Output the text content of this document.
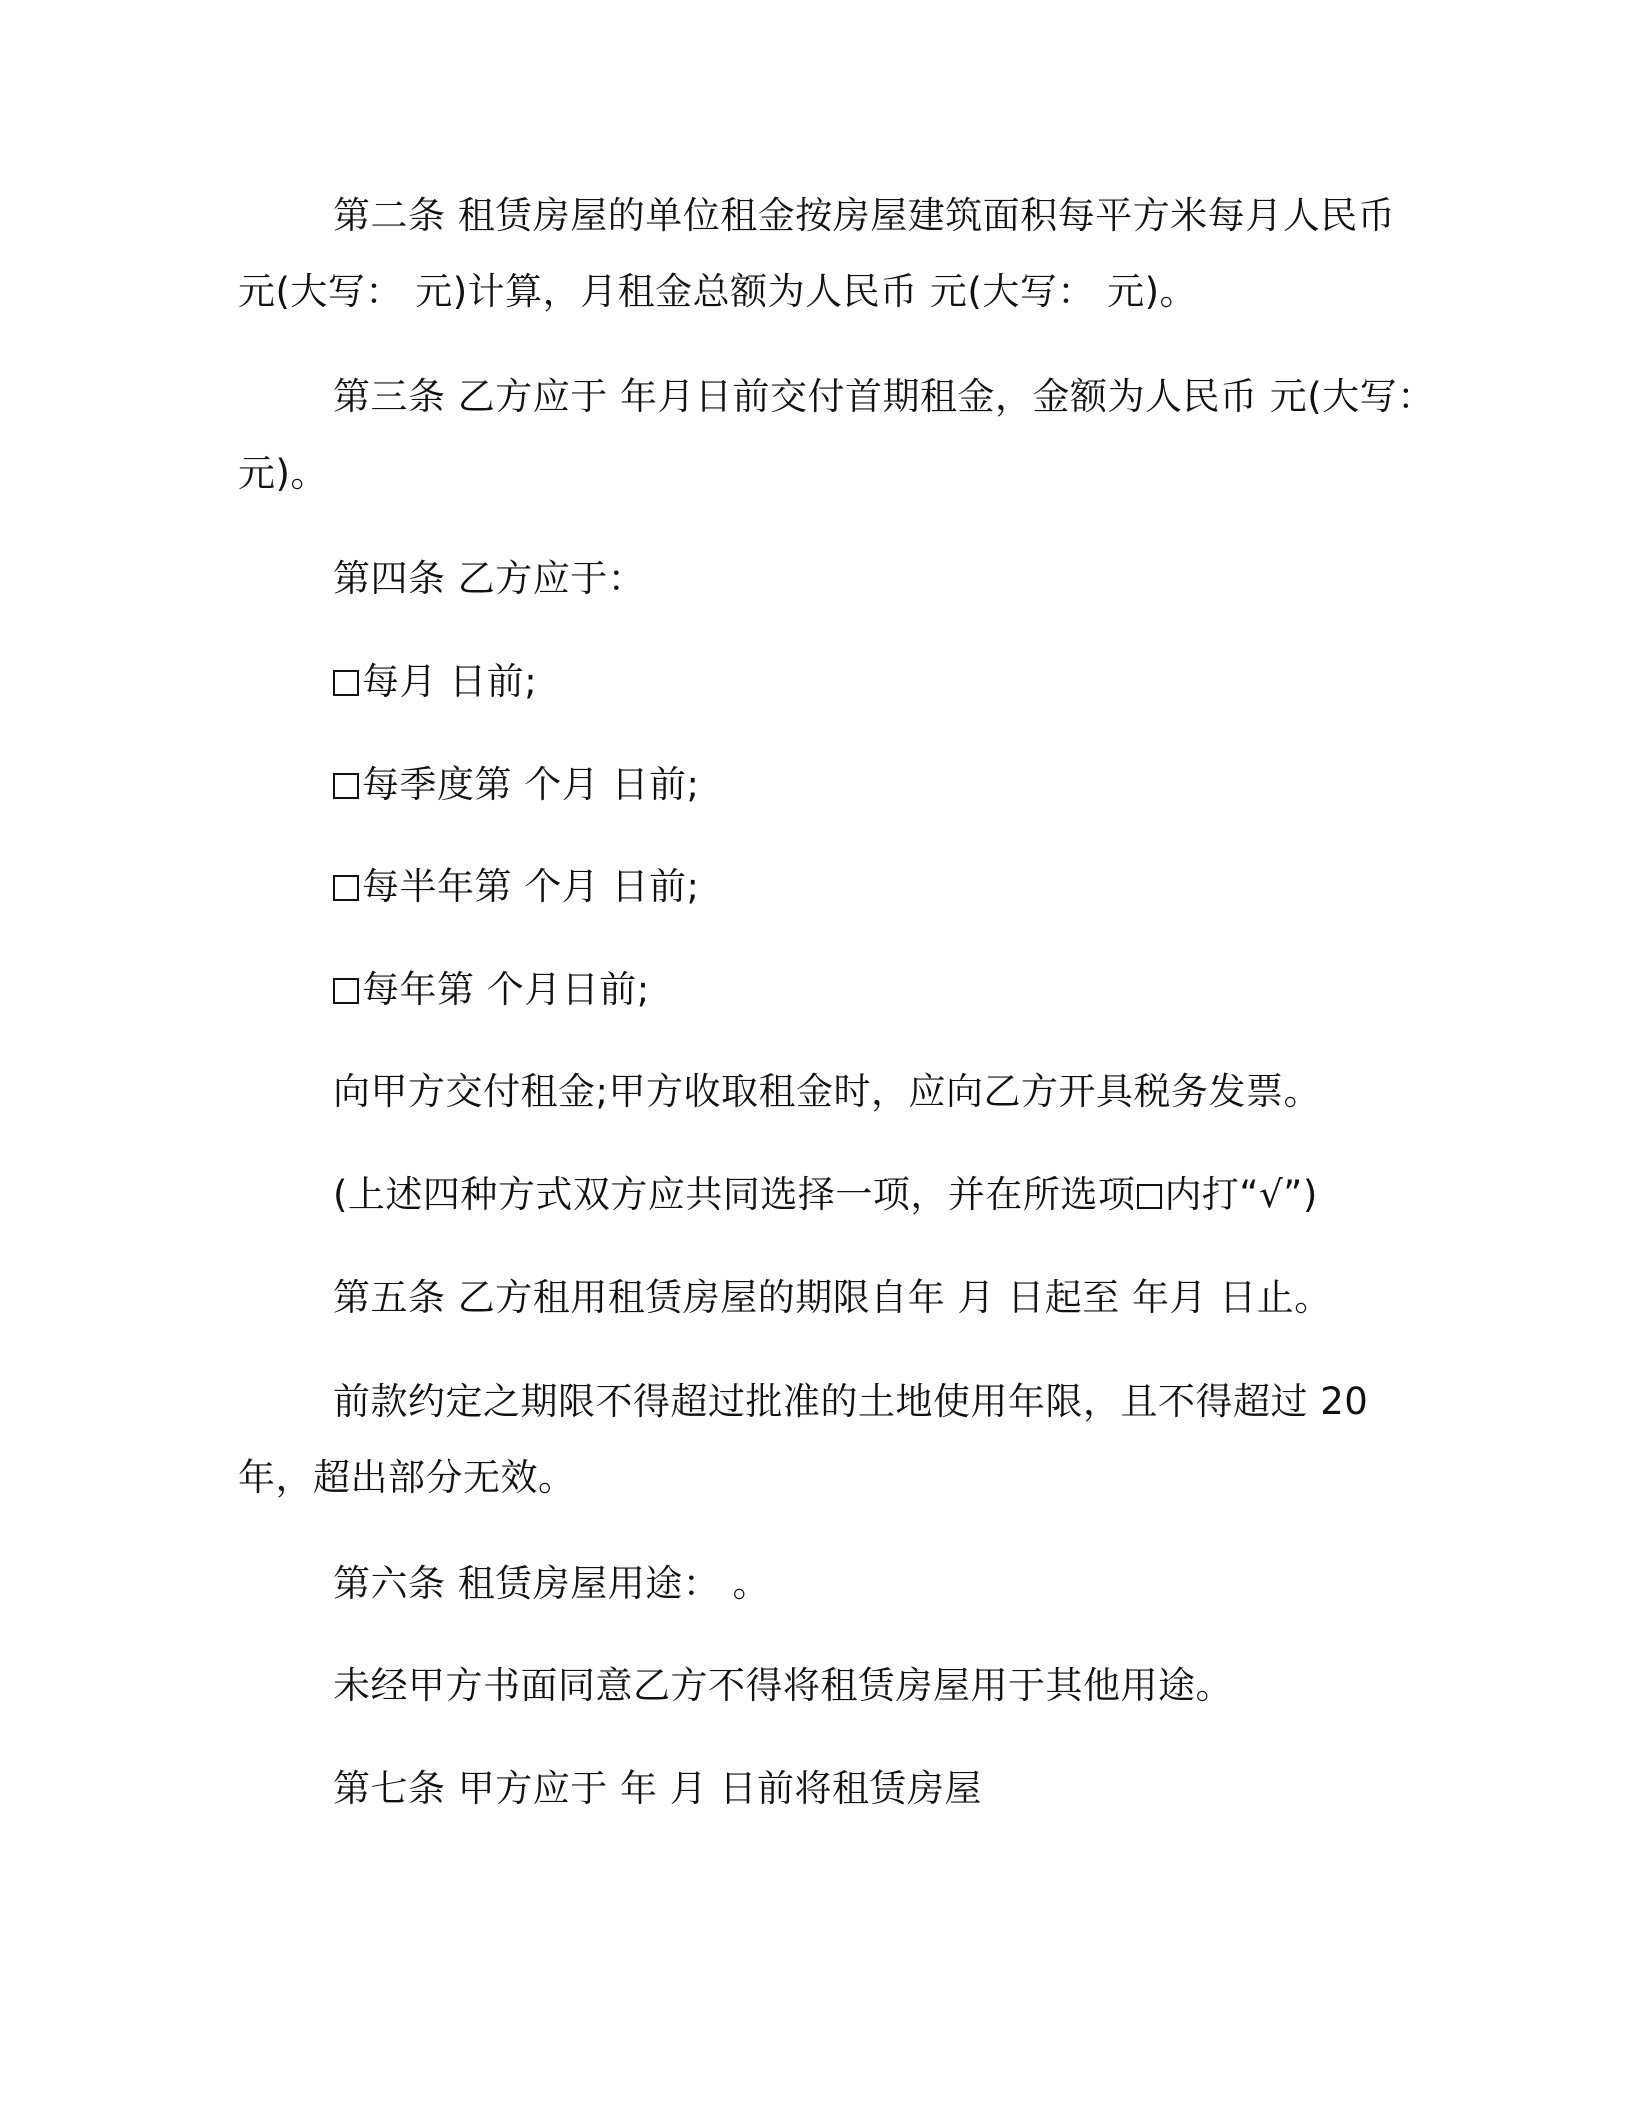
第二条 租赁房屋的单位租金按房屋建筑面积每平方米每月人民币
元(大写： 元)计算，月租金总额为人民币 元(大写： 元)。
第三条 乙方应于 年月日前交付首期租金，金额为人民币 元(大写：
元)。
第四条 乙方应于：
每月 日前;
每季度第 个月 日前;
每半年第 个月 日前;
每年第 个月日前;
向甲方交付租金;甲方收取租金时，应向乙方开具税务发票。
(上述四种方式双方应共同选择一项，并在所选项 内打“√”)
第五条 乙方租用租赁房屋的期限自年 月 日起至 年月 日止。
前款约定之期限不得超过批准的土地使用年限，且不得超过 20
年，超出部分无效。
第六条 租赁房屋用途： 。
未经甲方书面同意乙方不得将租赁房屋用于其他用途。
第七条 甲方应于 年 月 日前将租赁房屋
